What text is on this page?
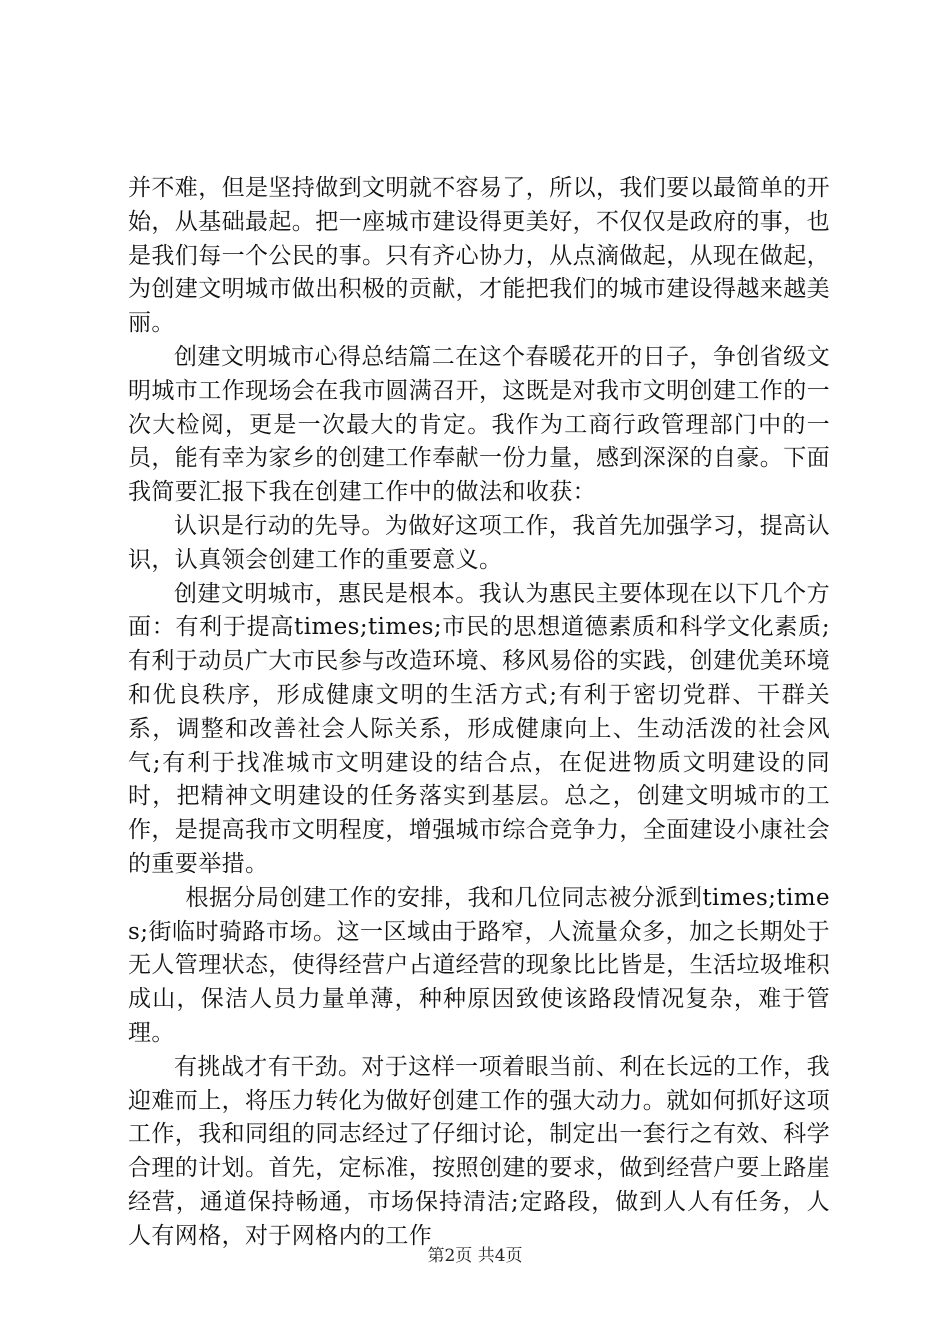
并不难，但是坚持做到文明就不容易了，所以，我们要以最简单的开始，从基础最起。把一座城市建设得更美好，不仅仅是政府的事，也是我们每一个公民的事。只有齐心协力，从点滴做起，从现在做起，为创建文明城市做出积极的贡献，才能把我们的城市建设得越来越美丽。

创建文明城市心得总结篇二在这个春暖花开的日子，争创省级文明城市工作现场会在我市圆满召开，这既是对我市文明创建工作的一次大检阅，更是一次最大的肯定。我作为工商行政管理部门中的一员，能有幸为家乡的创建工作奉献一份力量，感到深深的自豪。下面我简要汇报下我在创建工作中的做法和收获：

认识是行动的先导。为做好这项工作，我首先加强学习，提高认识，认真领会创建工作的重要意义。

创建文明城市，惠民是根本。我认为惠民主要体现在以下几个方面：有利于提高times;times;市民的思想道德素质和科学文化素质;有利于动员广大市民参与改造环境、移风易俗的实践，创建优美环境和优良秩序，形成健康文明的生活方式;有利于密切党群、干群关系，调整和改善社会人际关系，形成健康向上、生动活泼的社会风气;有利于找准城市文明建设的结合点，在促进物质文明建设的同时，把精神文明建设的任务落实到基层。总之，创建文明城市的工作，是提高我市文明程度，增强城市综合竞争力，全面建设小康社会的重要举措。

根据分局创建工作的安排，我和几位同志被分派到times;times;街临时骑路市场。这一区域由于路窄，人流量众多，加之长期处于无人管理状态，使得经营户占道经营的现象比比皆是，生活垃圾堆积成山，保洁人员力量单薄，种种原因致使该路段情况复杂，难于管理。

有挑战才有干劲。对于这样一项着眼当前、利在长远的工作，我迎难而上，将压力转化为做好创建工作的强大动力。就如何抓好这项工作，我和同组的同志经过了仔细讨论，制定出一套行之有效、科学合理的计划。首先，定标准，按照创建的要求，做到经营户要上路崖经营，通道保持畅通，市场保持清洁;定路段，做到人人有任务，人人有网格，对于网格内的工作

第2页 共4页
